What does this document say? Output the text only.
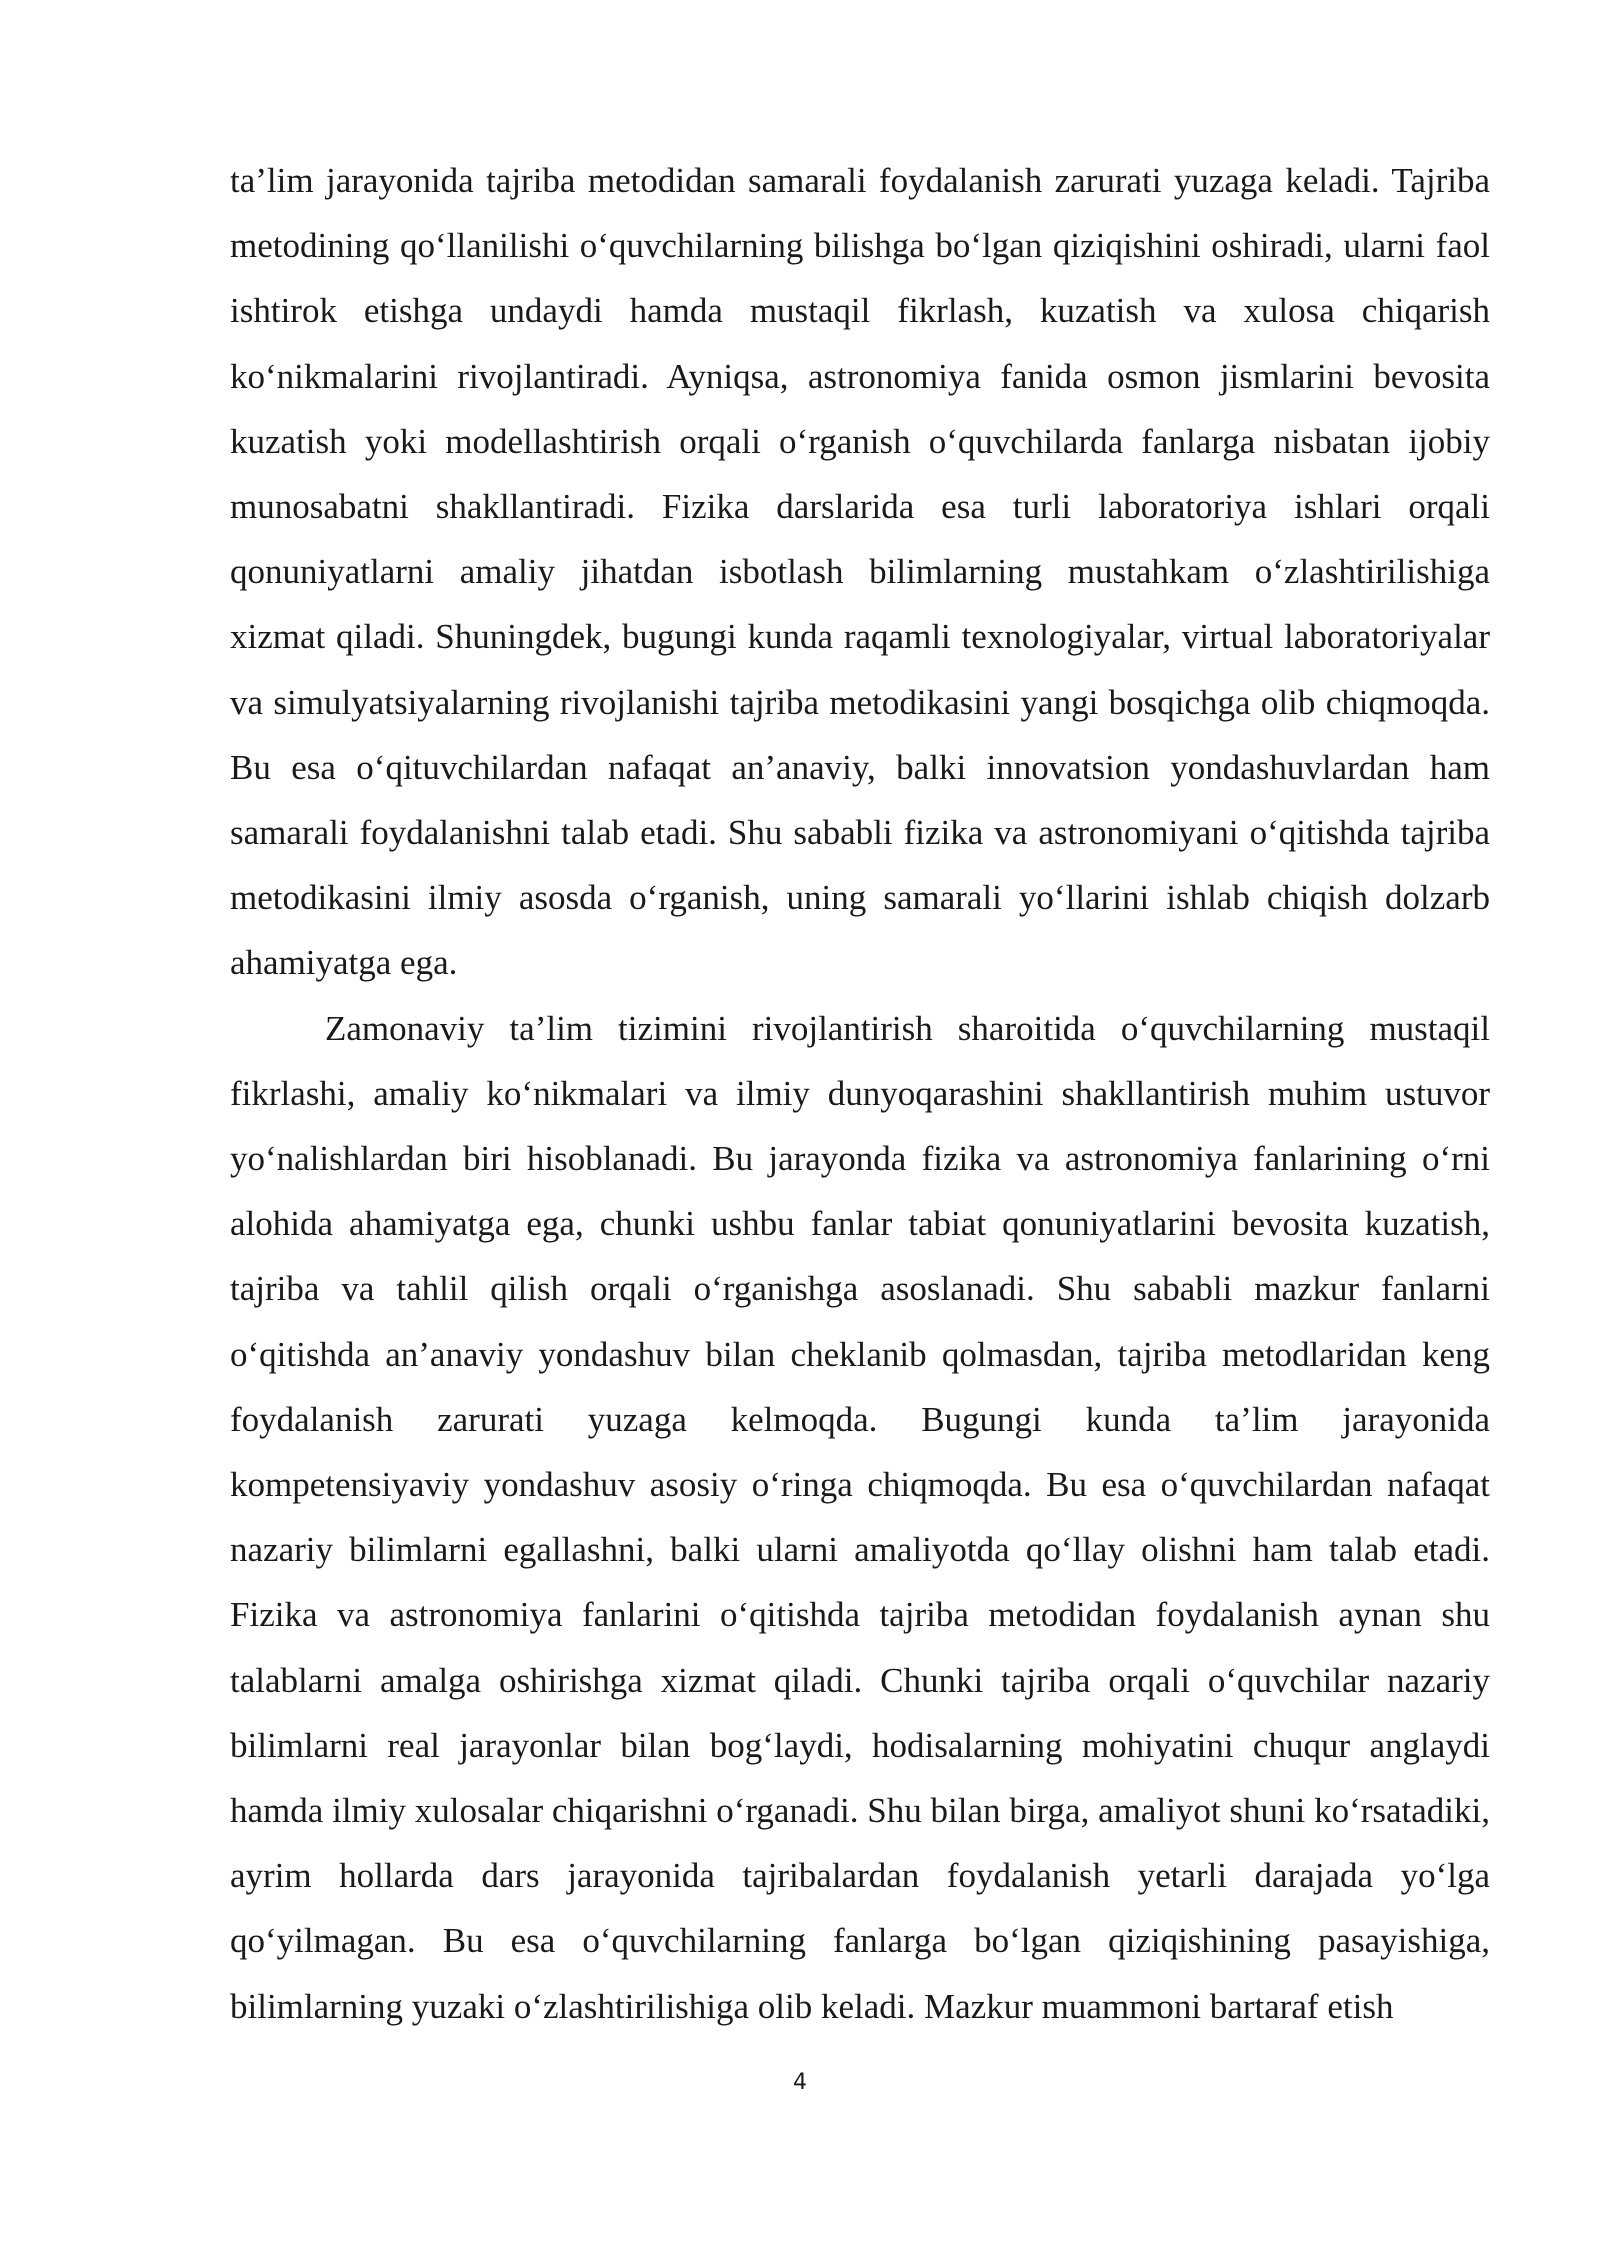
ta’lim jarayonida tajriba metodidan samarali foydalanish zarurati yuzaga keladi. Tajriba metodining qo‘llanilishi o‘quvchilarning bilishga bo‘lgan qiziqishini oshiradi, ularni faol ishtirok etishga undaydi hamda mustaqil fikrlash, kuzatish va xulosa chiqarish ko‘nikmalarini rivojlantiradi. Ayniqsa, astronomiya fanida osmon jismlarini bevosita kuzatish yoki modellashtirish orqali o‘rganish o‘quvchilarda fanlarga nisbatan ijobiy munosabatni shakllantiradi. Fizika darslarida esa turli laboratoriya ishlari orqali qonuniyatlarni amaliy jihatdan isbotlash bilimlarning mustahkam o‘zlashtirilishiga xizmat qiladi. Shuningdek, bugungi kunda raqamli texnologiyalar, virtual laboratoriyalar va simulyatsiyalarning rivojlanishi tajriba metodikasini yangi bosqichga olib chiqmoqda. Bu esa o‘qituvchilardan nafaqat an’anaviy, balki innovatsion yondashuvlardan ham samarali foydalanishni talab etadi. Shu sababli fizika va astronomiyani o‘qitishda tajriba metodikasini ilmiy asosda o‘rganish, uning samarali yo‘llarini ishlab chiqish dolzarb ahamiyatga ega.

Zamonaviy ta’lim tizimini rivojlantirish sharoitida o‘quvchilarning mustaqil fikrlashi, amaliy ko‘nikmalari va ilmiy dunyoqarashini shakllantirish muhim ustuvor yo‘nalishlardan biri hisoblanadi. Bu jarayonda fizika va astronomiya fanlarining o‘rni alohida ahamiyatga ega, chunki ushbu fanlar tabiat qonuniyatlarini bevosita kuzatish, tajriba va tahlil qilish orqali o‘rganishga asoslanadi. Shu sababli mazkur fanlarni o‘qitishda an’anaviy yondashuv bilan cheklanib qolmasdan, tajriba metodlaridan keng foydalanish zarurati yuzaga kelmoqda. Bugungi kunda ta’lim jarayonida kompetensiyaviy yondashuv asosiy o‘ringa chiqmoqda. Bu esa o‘quvchilardan nafaqat nazariy bilimlarni egallashni, balki ularni amaliyotda qo‘llay olishni ham talab etadi. Fizika va astronomiya fanlarini o‘qitishda tajriba metodidan foydalanish aynan shu talablarni amalga oshirishga xizmat qiladi. Chunki tajriba orqali o‘quvchilar nazariy bilimlarni real jarayonlar bilan bog‘laydi, hodisalarning mohiyatini chuqur anglaydi hamda ilmiy xulosalar chiqarishni o‘rganadi. Shu bilan birga, amaliyot shuni ko‘rsatadiki, ayrim hollarda dars jarayonida tajribalardan foydalanish yetarli darajada yo‘lga qo‘yilmagan. Bu esa o‘quvchilarning fanlarga bo‘lgan qiziqishining pasayishiga, bilimlarning yuzaki o‘zlashtirilishiga olib keladi. Mazkur muammoni bartaraf etish

4
